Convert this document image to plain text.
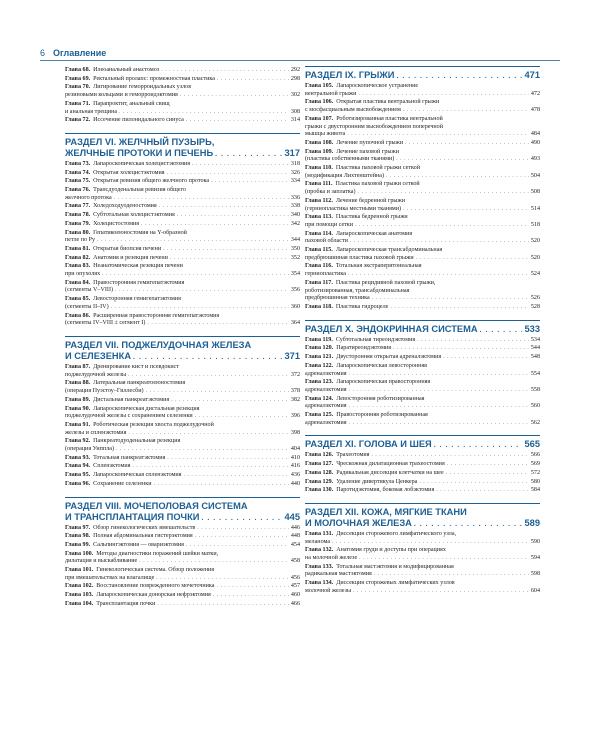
6 Оглавление
Глава 68. Илеоанальный анастомоз . . .	292
Глава 69. Ректальный пролапс: промежностная пластика . . .	298
Глава 70. Лигирование геморроидальных узлов
резиновыми кольцами и геморроидэктомия . . .	302
Глава 71. Парапроктит, анальный свищ
и анальная трещина . . .	308
Глава 72. Иссечение пилонидального синуса . . .	314
РАЗДЕЛ VI. ЖЕЛЧНЫЙ ПУЗЫРЬ,
ЖЕЛЧНЫЕ ПРОТОКИ И ПЕЧЕНЬ . . .	317
Глава 73. Лапароскопическая холецистэктомия . . .	318
Глава 74. Открытая холецистэктомия . . .	326
Глава 75. Открытая ревизия общего желчного протока . . .	334
Глава 76. Трансдуоденальная ревизия общего
желчного протока . . .	336
Глава 77. Холедоходуоденостомия . . .	338
Глава 78. Субтотальная холецистэктомия . . .	340
Глава 79. Холецистостомия . . .	342
Глава 80. Гепатикоеюностомия на Y-образной
петле по Ру . . .	344
Глава 81. Открытая биопсия печени . . .	350
Глава 82. Анатомия и резекция печени . . .	352
Глава 83. Неанатомическая резекция печени
при опухолях . . .	354
Глава 84. Правосторонняя гемигепатэктомия
(сегменты V–VIII) . . .	356
Глава 85. Левосторонняя гемигепатэктомия
(сегменты II–IV) . . .	360
Глава 86. Расширенная правосторонняя гемигепатэктомия
(сегменты IV–VIII ± сегмент I) . . .	364
РАЗДЕЛ VII. ПОДЖЕЛУДОЧНАЯ ЖЕЛЕЗА
И СЕЛЕЗЕНКА . . .	371
Глава 87. Дренирование кист и псевдокист
поджелудочной железы . . .	372
Глава 88. Латеральная панкреатоеюностомия
(операция Пуэстоу–Гиллесби) . . .	378
Глава 89. Дистальная панкреатэктомия . . .	382
Глава 90. Лапароскопическая дистальная резекция
поджелудочной железы с сохранением селезенки . . .	396
Глава 91. Роботическая резекция хвоста поджелудочной
железы и спленэктомия . . .	398
Глава 92. Панкреатодуоденальная резекция
(операция Уиппла) . . .	404
Глава 93. Тотальная панкреатэктомия . . .	410
Глава 94. Спленэктомия . . .	416
Глава 95. Лапароскопическая спленэктомия . . .	436
Глава 96. Сохранение селезенки . . .	440
РАЗДЕЛ VIII. МОЧЕПОЛОВАЯ СИСТЕМА
И ТРАНСПЛАНТАЦИЯ ПОЧКИ . . .	445
Глава 97. Обзор гинекологических вмешательств . . .	446
Глава 98. Полная абдоминальная гистерэктомия . . .	448
Глава 99. Сальпингэктомия — овариэктомия . . .	454
Глава 100. Методы диагностики поражений шейки матки,
дилатация и выскабливание . . .	458
Глава 101. Гинекологическая система. Обзор положения
при вмешательствах на влагалище . . .	456
Глава 102. Восстановление поврежденного мочеточника . . .	457
Глава 103. Лапароскопическая донорская нефрэктомия . . .	460
Глава 104. Трансплантация почки . . .	466
РАЗДЕЛ IX. ГРЫЖИ . . .	471
Глава 105. Лапароскопическое устранение
вентральной грыжи . . .	472
Глава 106. Открытая пластика вентральной грыжи
с мосфасциальным высвобождением . . .	478
Глава 107. Роботизированная пластика вентральной
грыжи с двусторонним высвобождением поперечной
мышцы живота . . .	484
Глава 108. Лечение пупочной грыжи . . .	490
Глава 109. Лечение паховой грыжи
(пластика собственными тканями) . . .	493
Глава 110. Пластика паховой грыжи сеткой
(модификация Лихтенштейна) . . .	504
Глава 111. Пластика паховой грыжи сеткой
(пробка и заплатка) . . .	508
Глава 112. Лечение бедренной грыжи
(герниопластика местными тканями) . . .	514
Глава 113. Пластика бедренной грыжи
при помощи сетки . . .	518
Глава 114. Лапароскопическая анатомия
паховой области . . .	520
Глава 115. Лапароскопическая трансабдоминальная
предбрюшинная пластика паховой грыжи . . .	520
Глава 116. Тотальная экстраперитонеальная
герниопластика . . .	524
Глава 117. Пластика рецидивной паховой грыжи,
роботизированная, трансабдоминальная
предбрюшинная техника . . .	526
Глава 118. Пластика гидроцеле . . .	528
РАЗДЕЛ X. ЭНДОКРИННАЯ СИСТЕМА . . .	533
Глава 119. Субтотальная тиреоидэктомия . . .	534
Глава 120. Паратиреоидэктомия . . .	544
Глава 121. Двусторонняя открытая адреналэктомия . . .	548
Глава 122. Лапароскопическая левосторонняя
адреналэктомия . . .	554
Глава 123. Лапароскопическая правосторонняя
адреналэктомия . . .	558
Глава 124. Левосторонняя роботизированная
адреналэктомия . . .	560
Глава 125. Правосторонняя роботизированная
адреналэктомия . . .	562
РАЗДЕЛ XI. ГОЛОВА И ШЕЯ . . .	565
Глава 126. Трахеотомия . . .	566
Глава 127. Чрескожная дилатационная трахеостомия . . .	569
Глава 128. Радикальная диссекция клетчатки на шее . . .	572
Глава 129. Удаление дивертикула Ценкера . . .	580
Глава 130. Паротидэктомия, боковая лобэктомия . . .	584
РАЗДЕЛ XII. КОЖА, МЯГКИЕ ТКАНИ
И МОЛОЧНАЯ ЖЕЛЕЗА . . .	589
Глава 131. Диссекция сторожевого лимфатического узла,
меланома . . .	590
Глава 132. Анатомия груди и доступы при операциях
на молочной железе . . .	594
Глава 133. Тотальная мастэктомия и модифицированная
радикальная мастэктомия . . .	598
Глава 134. Диссекция сторожевых лимфатических узлов
молочной железы . . .	604
